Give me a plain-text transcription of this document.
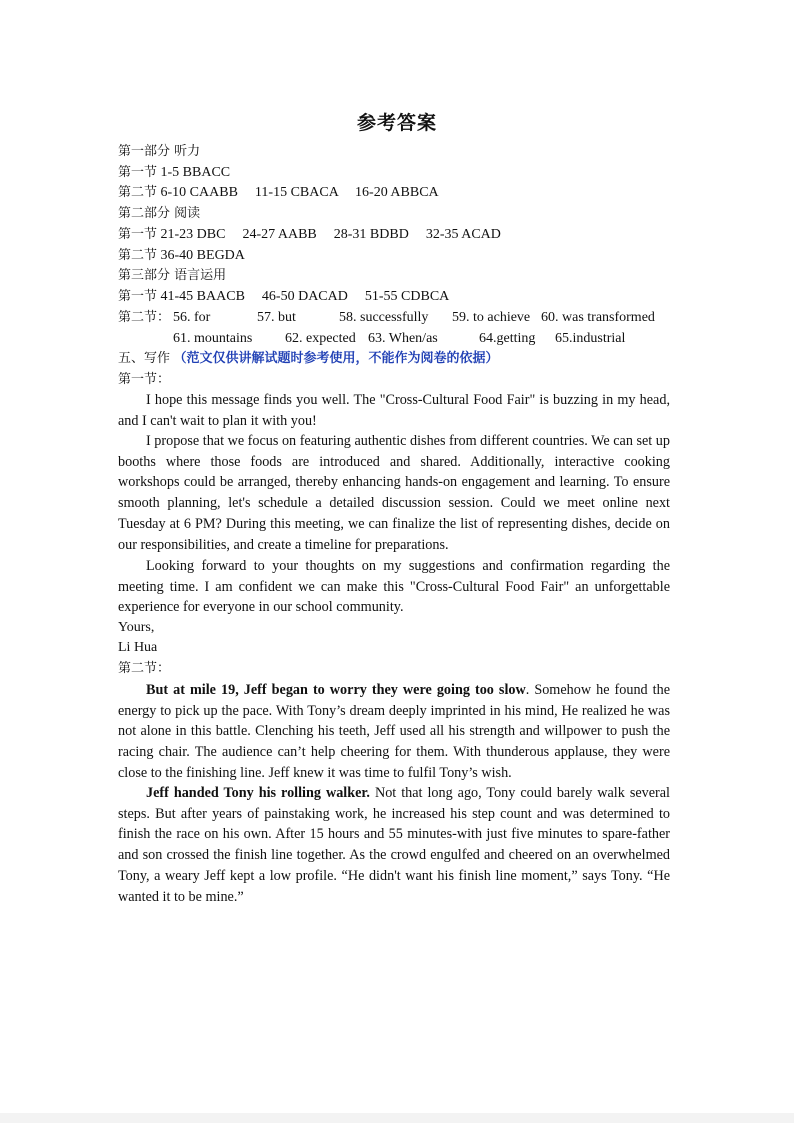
参考答案
第一部分 听力
第一节 1-5 BBACC
第二节 6-10 CAABB 11-15 CBACA 16-20 ABBCA
第二部分 阅读
第一节 21-23 DBC 24-27 AABB 28-31 BDBD 32-35 ACAD
第二节 36-40 BEGDA
第三部分 语言运用
第一节 41-45 BAACB 46-50 DACAD 51-55 CDBCA
第二节： 56. for	57. but	58. successfully 59. to achieve 60. was transformed
61. mountains 62. expected 63. When/as	64.getting 65.industrial
五、写作 （范文仅供讲解试题时参考使用，不能作为阅卷的依据）
第一节：

I hope this message finds you well. The "Cross-Cultural Food Fair" is buzzing in my head, and I can't wait to plan it with you!

I propose that we focus on featuring authentic dishes from different countries. We can set up booths where those foods are introduced and shared. Additionally, interactive cooking workshops could be arranged, thereby enhancing hands-on engagement and learning. To ensure smooth planning, let's schedule a detailed discussion session. Could we meet online next Tuesday at 6 PM? During this meeting, we can finalize the list of representing dishes, decide on our responsibilities, and create a timeline for preparations.

Looking forward to your thoughts on my suggestions and confirmation regarding the meeting time. I am confident we can make this "Cross-Cultural Food Fair" an unforgettable experience for everyone in our school community.

Yours,
Li Hua
第二节：

But at mile 19, Jeff began to worry they were going too slow. Somehow he found the energy to pick up the pace. With Tony’s dream deeply imprinted in his mind, He realized he was not alone in this battle. Clenching his teeth, Jeff used all his strength and willpower to push the racing chair. The audience can’t help cheering for them. With thunderous applause, they were close to the finishing line. Jeff knew it was time to fulfil Tony’s wish.

Jeff handed Tony his rolling walker. Not that long ago, Tony could barely walk several steps. But after years of painstaking work, he increased his step count and was determined to finish the race on his own. After 15 hours and 55 minutes-with just five minutes to spare-father and son crossed the finish line together. As the crowd engulfed and cheered on an overwhelmed Tony, a weary Jeff kept a low profile. “He didn't want his finish line moment,” says Tony. “He wanted it to be mine.”
